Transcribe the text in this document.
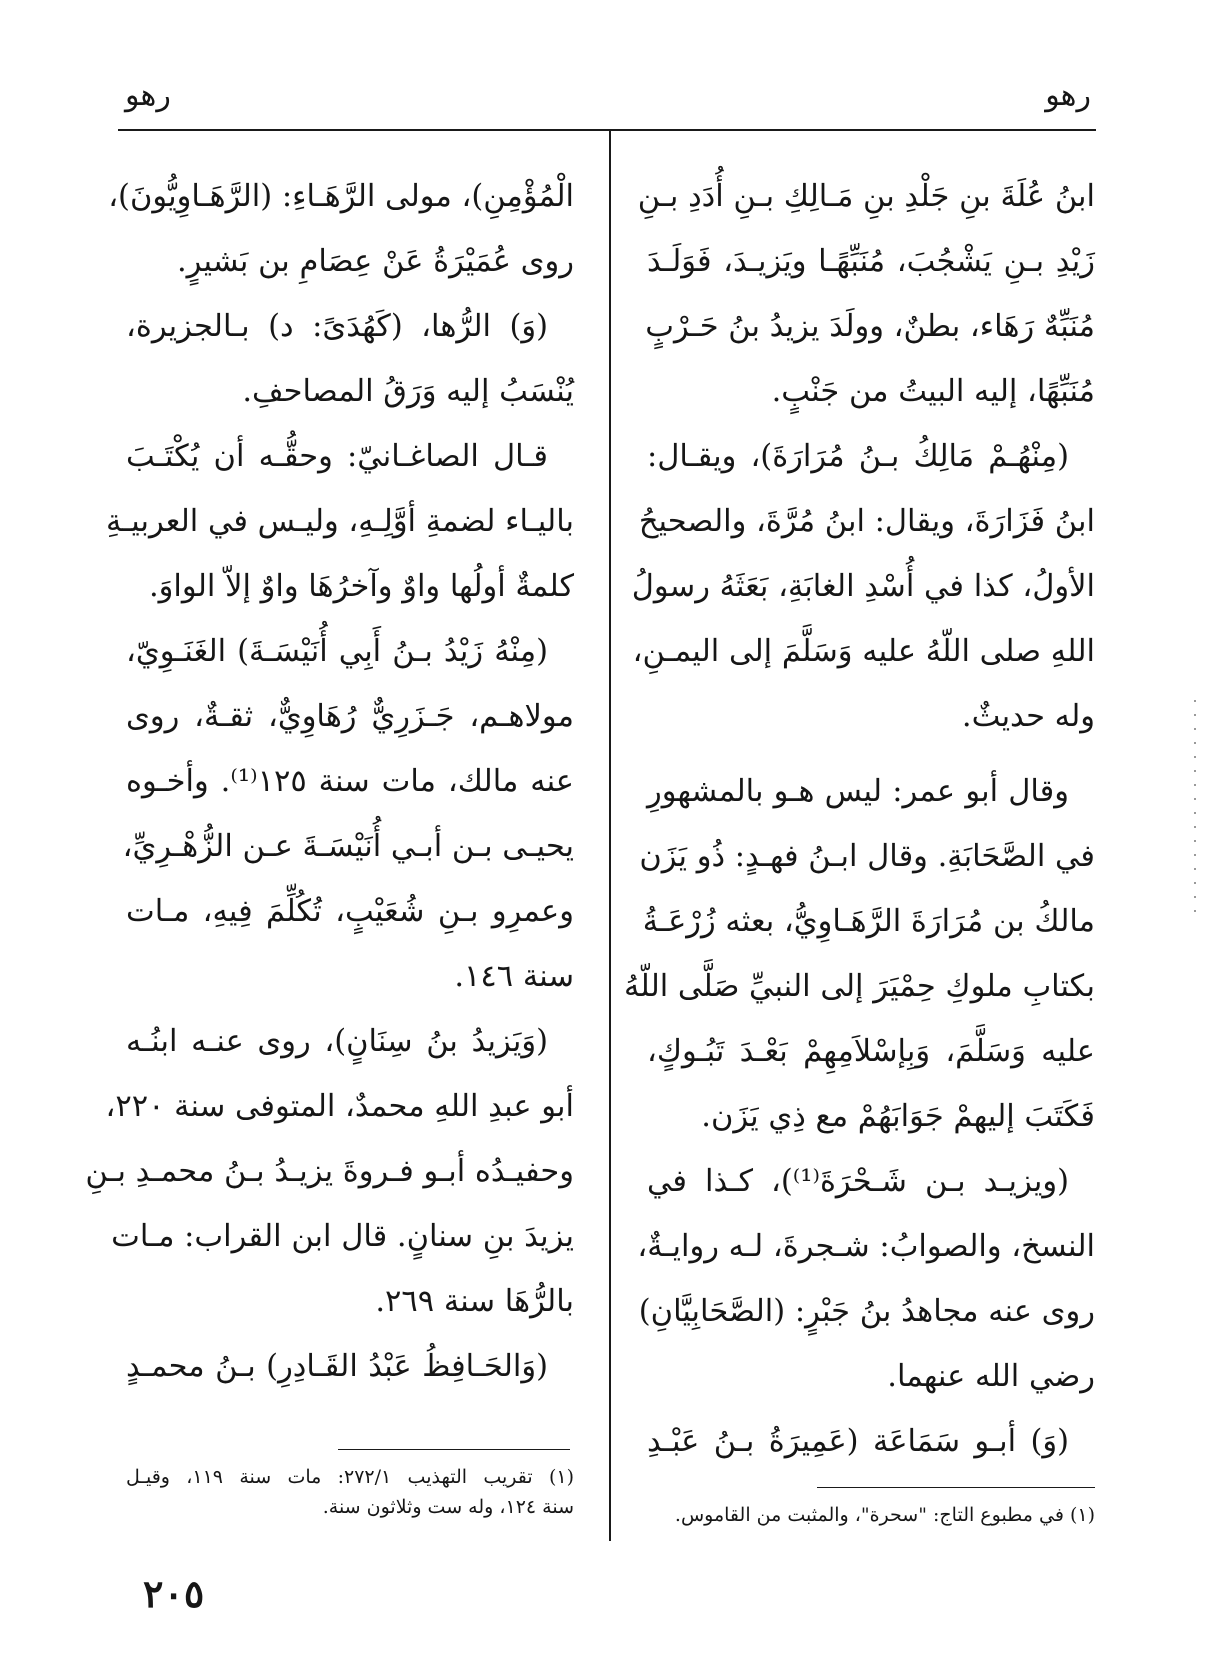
رهو
رهو
ابنُ عُلَةَ بنِ جَلْدِ بنِ مَـالِكِ بـنِ أُدَدِ بـنِ
زَيْدِ بـنِ يَشْجُبَ، مُنَبِّهًـا ويَزيـدَ، فَوَلَـدَ
مُنَبِّهٌ رَهَاء، بطنٌ، وولَدَ يزيدُ بنُ حَـرْبٍ
مُنَبِّهًا، إليه البيتُ من جَنْبٍ.
(مِنْهُـمْ مَالِكُ بـنُ مُرَارَةَ)، ويقـال:
ابنُ فَزَارَةَ، ويقال: ابنُ مُرَّةَ، والصحيحُ
الأولُ، كذا في أُسْدِ الغابَةِ، بَعَثَهُ رسولُ
اللهِ صلى اللّهُ عليه وَسَلَّمَ إلى اليمـنِ،
وله حديثٌ.
وقال أبو عمر: ليس هـو بالمشهورِ
في الصَّحَابَةِ. وقال ابـنُ فهـدٍ: ذُو يَزَن
مالكُ بن مُرَارَةَ الرَّهَـاوِيُّ، بعثه زُرْعَـةُ
بكتابِ ملوكِ حِمْيَرَ إلى النبيِّ صَلَّى اللّهُ
عليه وَسَلَّمَ، وَبِإسْلاَمِهِمْ بَعْـدَ تَبُـوكٍ،
فَكَتَبَ إليهمْ جَوَابَهُمْ مع ذِي يَزَن.
(ويزيـد بـن شَـحْرَةَ⁽¹⁾)، كـذا في
النسخ، والصوابُ: شـجرةَ، لـه روايـةٌ،
روى عنه مجاهدُ بنُ جَبْرٍ: (الصَّحَابِيَّانِ)
رضي الله عنهما.
(وَ) أبـو سَمَاعَة (عَمِيرَةُ بـنُ عَبْـدِ
الْمُؤْمِنِ)، مولى الرَّهَـاءِ: (الرَّهَـاوِيُّونَ)،
روى عُمَيْرَةُ عَنْ عِصَامِ بن بَشيرٍ.
(وَ) الرُّها، (كَهُدَىً: د) بـالجزيرة،
يُنْسَبُ إليه وَرَقُ المصاحفِ.
قـال الصاغـانيّ: وحقُّـه أن يُكْتَـبَ
باليـاء لضمةِ أوَّلِـهِ، وليـس في العربيـةِ
كلمةٌ أولُها واوٌ وآخرُهَا واوٌ إلاّ الواوَ.
(مِنْهُ زَيْدُ بـنُ أَبِي أُنَيْسَـةَ) الغَنَـوِيّ،
مولاهـم، جَـزَرِيٌّ رُهَاوِيٌّ، ثقـةٌ، روى
عنه مالك، مات سنة ١٢٥⁽¹⁾. وأخـوه
يحيـى بـن أبـي أُنَيْسَـةَ عـن الزُّهْـرِيِّ،
وعمرِو بـنِ شُعَيْبٍ، تُكُلِّمَ فِيهِ، مـات
سنة ١٤٦.
(وَيَزيدُ بنُ سِنَانٍ)، روى عنـه ابنُـه
أبو عبدِ اللهِ محمدٌ، المتوفى سنة ٢٢٠،
وحفيـدُه أبـو فـروةَ يزيـدُ بـنُ محمـدِ بـنِ
يزيدَ بنِ سنانٍ. قال ابن القراب: مـات
بالرُّهَا سنة ٢٦٩.
(وَالحَـافِظُ عَبْدُ القَـادِرِ) بـنُ محمـدٍ
(١) في مطبوع التاج: "سحرة"، والمثبت من القاموس.
(١) تقريب التهذيب ٢٧٢/١: مات سنة ١١٩، وقيـل
سنة ١٢٤، وله ست وثلاثون سنة.
٢٠٥
